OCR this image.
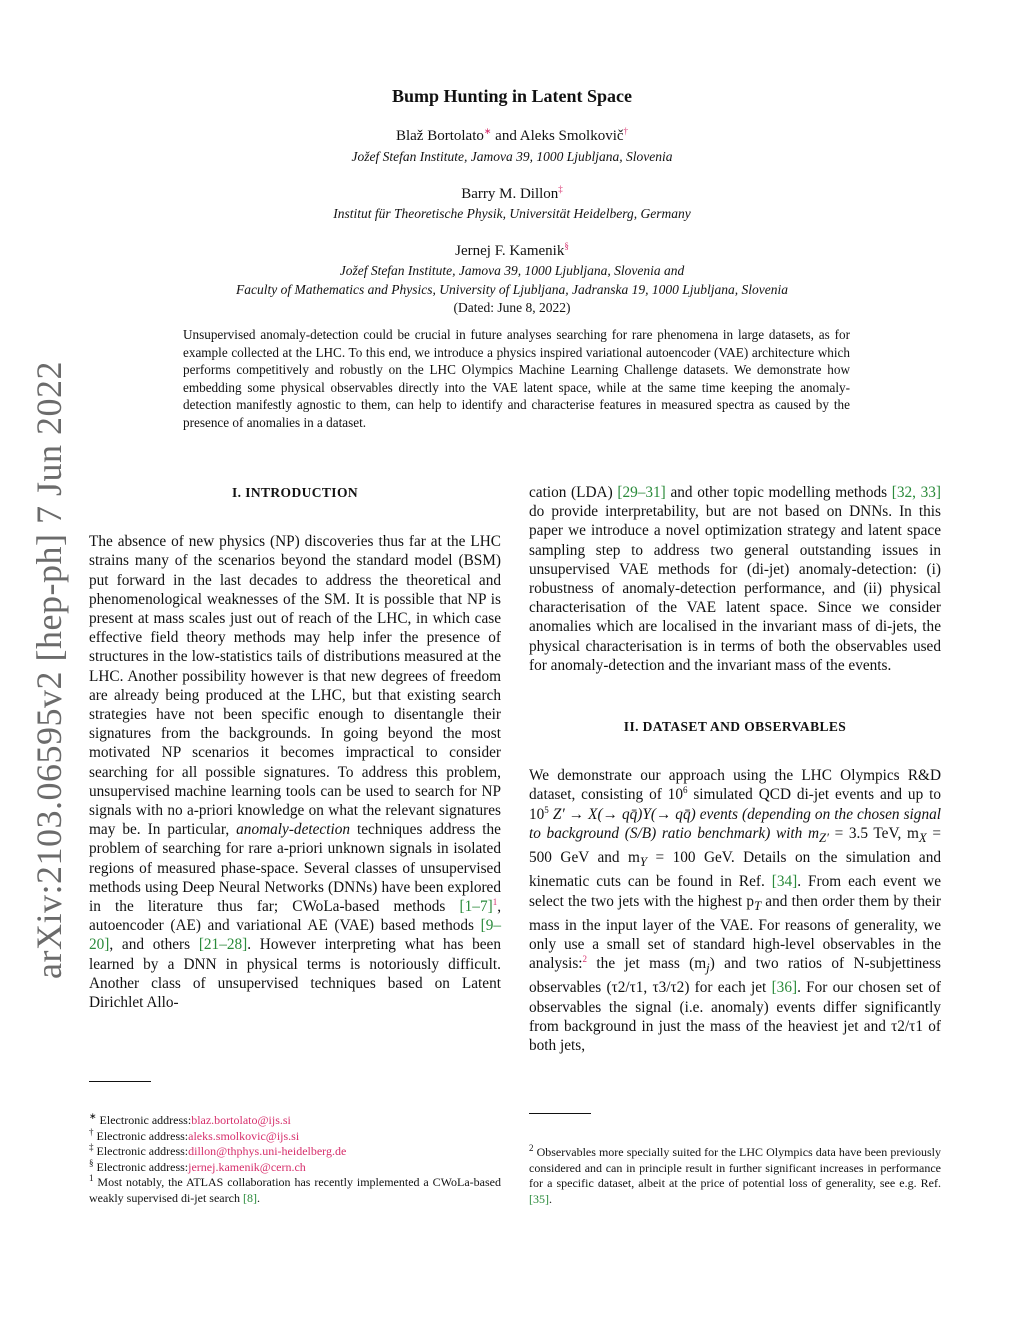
arXiv:2103.06595v2 [hep-ph] 7 Jun 2022
Bump Hunting in Latent Space
Blaž Bortolato∗ and Aleks Smolkovič†
Jožef Stefan Institute, Jamova 39, 1000 Ljubljana, Slovenia
Barry M. Dillon‡
Institut für Theoretische Physik, Universität Heidelberg, Germany
Jernej F. Kamenik§
Jožef Stefan Institute, Jamova 39, 1000 Ljubljana, Slovenia and
Faculty of Mathematics and Physics, University of Ljubljana, Jadranska 19, 1000 Ljubljana, Slovenia
(Dated: June 8, 2022)
Unsupervised anomaly-detection could be crucial in future analyses searching for rare phenomena in large datasets, as for example collected at the LHC. To this end, we introduce a physics inspired variational autoencoder (VAE) architecture which performs competitively and robustly on the LHC Olympics Machine Learning Challenge datasets. We demonstrate how embedding some physical observables directly into the VAE latent space, while at the same time keeping the anomaly-detection manifestly agnostic to them, can help to identify and characterise features in measured spectra as caused by the presence of anomalies in a dataset.
I. INTRODUCTION

The absence of new physics (NP) discoveries thus far at the LHC strains many of the scenarios beyond the standard model (BSM) put forward in the last decades to address the theoretical and phenomenological weaknesses of the SM. It is possible that NP is present at mass scales just out of reach of the LHC, in which case effective field theory methods may help infer the presence of structures in the low-statistics tails of distributions measured at the LHC. Another possibility however is that new degrees of freedom are already being produced at the LHC, but that existing search strategies have not been specific enough to disentangle their signatures from the backgrounds. In going beyond the most motivated NP scenarios it becomes impractical to consider searching for all possible signatures. To address this problem, unsupervised machine learning tools can be used to search for NP signals with no a-priori knowledge on what the relevant signatures may be. In particular, anomaly-detection techniques address the problem of searching for rare a-priori unknown signals in isolated regions of measured phase-space. Several classes of unsupervised methods using Deep Neural Networks (DNNs) have been explored in the literature thus far; CWoLa-based methods $[1-7]^1$, autoencoder (AE) and variational AE (VAE) based methods [9–20], and others [21–28]. However interpreting what has been learned by a DNN in physical terms is notoriously difficult. Another class of unsupervised techniques based on Latent Dirichlet Allo-

cation (LDA) [29–31] and other topic modelling methods [32, 33] do provide interpretability, but are not based on DNNs. In this paper we introduce a novel optimization strategy and latent space sampling step to address two general outstanding issues in unsupervised VAE methods for (di-jet) anomaly-detection: (i) robustness of anomaly-detection performance, and (ii) physical characterisation of the VAE latent space. Since we consider anomalies which are localised in the invariant mass of di-jets, the physical characterisation is in terms of both the observables used for anomaly-detection and the invariant mass of the events.

II. DATASET AND OBSERVABLES

We demonstrate our approach using the LHC Olympics R&D dataset, consisting of $10^6$ simulated QCD di-jet events and up to $10^5$ Z′ → X(→ qq̄)Y(→ qq̄) events (depending on the chosen signal to background (S/B) ratio benchmark) with $m_{Z'} = 3.5$ TeV, $m_X = 500$ GeV and $m_Y = 100$ GeV. Details on the simulation and kinematic cuts can be found in Ref. [34]. From each event we select the two jets with the highest $p_T$ and then order them by their mass in the input layer of the VAE. For reasons of generality, we only use a small set of standard high-level observables in the analysis:$^2$ the jet mass $(m_j)$ and two ratios of N-subjettiness observables (τ2/τ1, τ3/τ2) for each jet [36]. For our chosen set of observables the signal (i.e. anomaly) events differ significantly from background in just the mass of the heaviest jet and τ2/τ1 of both jets,

∗ Electronic address:blaz.bortolato@ijs.si
† Electronic address:aleks.smolkovic@ijs.si
‡ Electronic address:dillon@thphys.uni-heidelberg.de
§ Electronic address:jernej.kamenik@cern.ch
$^1$ Most notably, the ATLAS collaboration has recently implemented a CWoLa-based weakly supervised di-jet search [8].
$^2$ Observables more specially suited for the LHC Olympics data have been previously considered and can in principle result in further significant increases in performance for a specific dataset, albeit at the price of potential loss of generality, see e.g. Ref. [35].
